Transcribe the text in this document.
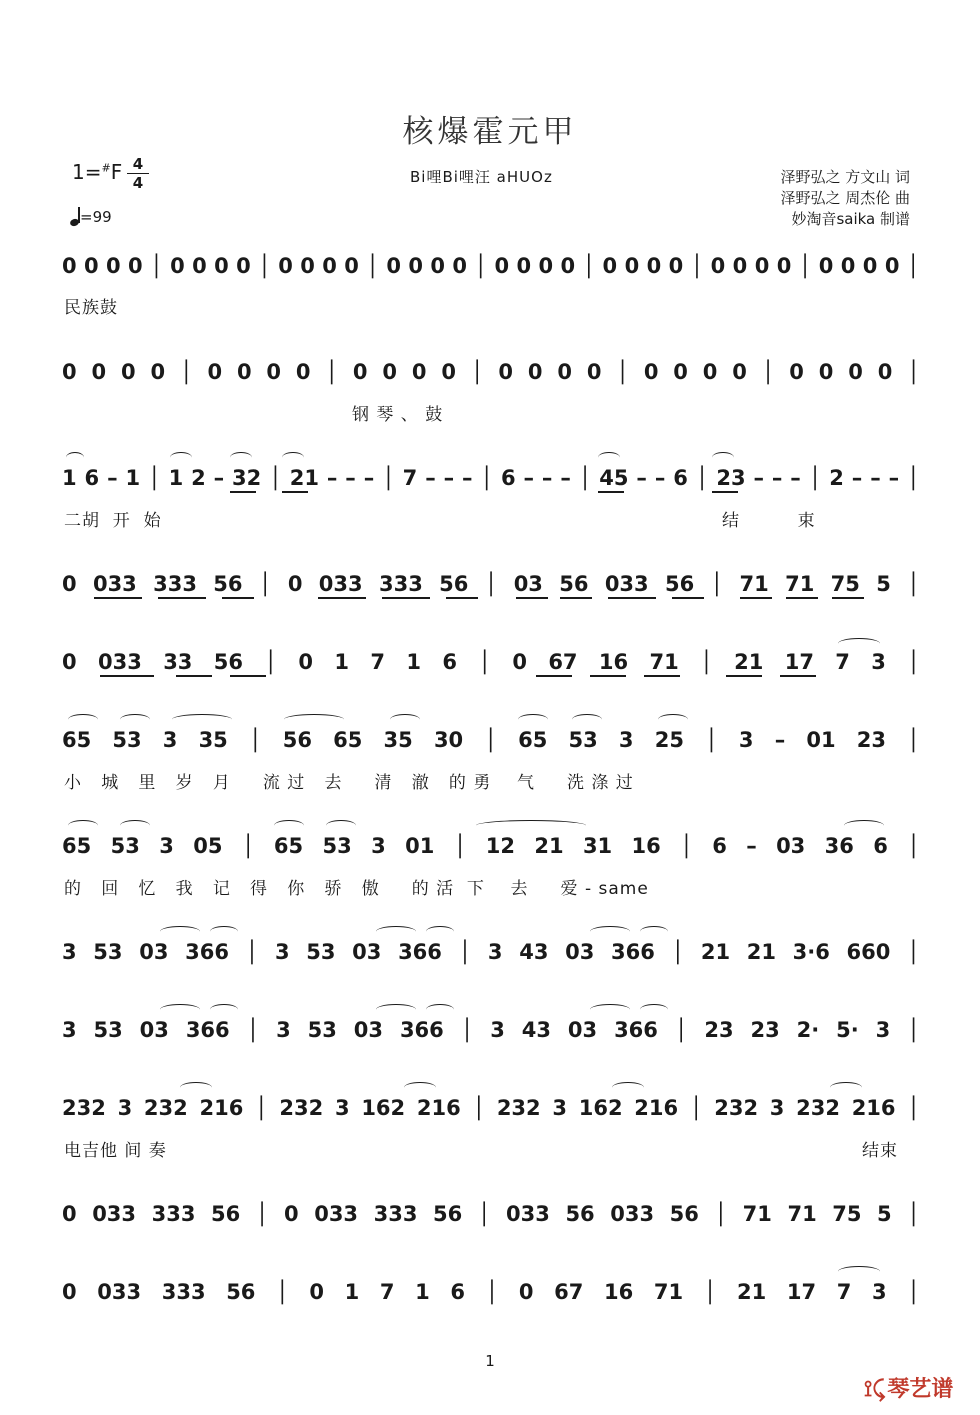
核爆霍元甲
1=#F 4
4
=99
Bi哩Bi哩汪 aHUOz	泽野弘之 方文山 词
泽野弘之 周杰伦 曲
妙淘音saika 制谱
0 0 0 0 │ 0 0 0 0 │ 0 0 0 0 │ 0 0 0 0 │ 0 0 0 0 │ 0 0 0 0 │ 0 0 0 0 │ 0 0 0 0 │
民族鼓
0 0 0 0 │ 0 0 0 0 │ 0 0 0 0 │ 0 0 0 0 │ 0 0 0 0 │ 0 0 0 0 │
钢 琴 、 鼓
1 6 – 1 │ 1 2 – 32 │ 21 – – – │ 7 – – – │ 6 – – – │ 45 – – 6 │ 23 – – – │ 2 – – – │
二胡  开  始	结         束
0 033 333 56 │ 0 033 333 56 │ 03 56 033 56 │ 71 71 75 5 │
0 033 33 56 │ 0 1 7 1 6 │ 0 67 16 71 │ 21 17 7 3 │
65 53 3 35 │ 56 65 35 30 │ 65 53 3 25 │ 3 – 01 23 │
小   城   里   岁   月     流 过   去     清   澈   的 勇    气     洗 涤 过
65 53 3 05 │ 65 53 3 01 │ 12 21 31 16 │ 6 – 03 36 6 │
的   回   忆   我   记   得   你   骄   傲     的 活  下    去     爱 - same
3 53 03 366 │ 3 53 03 366 │ 3 43 03 366 │ 21 21 3·6 660 │
3 53 03 366 │ 3 53 03 366 │ 3 43 03 366 │ 23 23 2· 5· 3 │
232 3 232 216 │ 232 3 162 216 │ 232 3 162 216 │ 232 3 232 216 │
电吉他 间 奏	结束
0 033 333 56 │ 0 033 333 56 │ 033 56 033 56 │ 71 71 75 5 │
0 033 333 56 │ 0 1 7 1 6 │ 0 67 16 71 │ 21 17 7 3 │
1
⟟⤹琴艺谱
